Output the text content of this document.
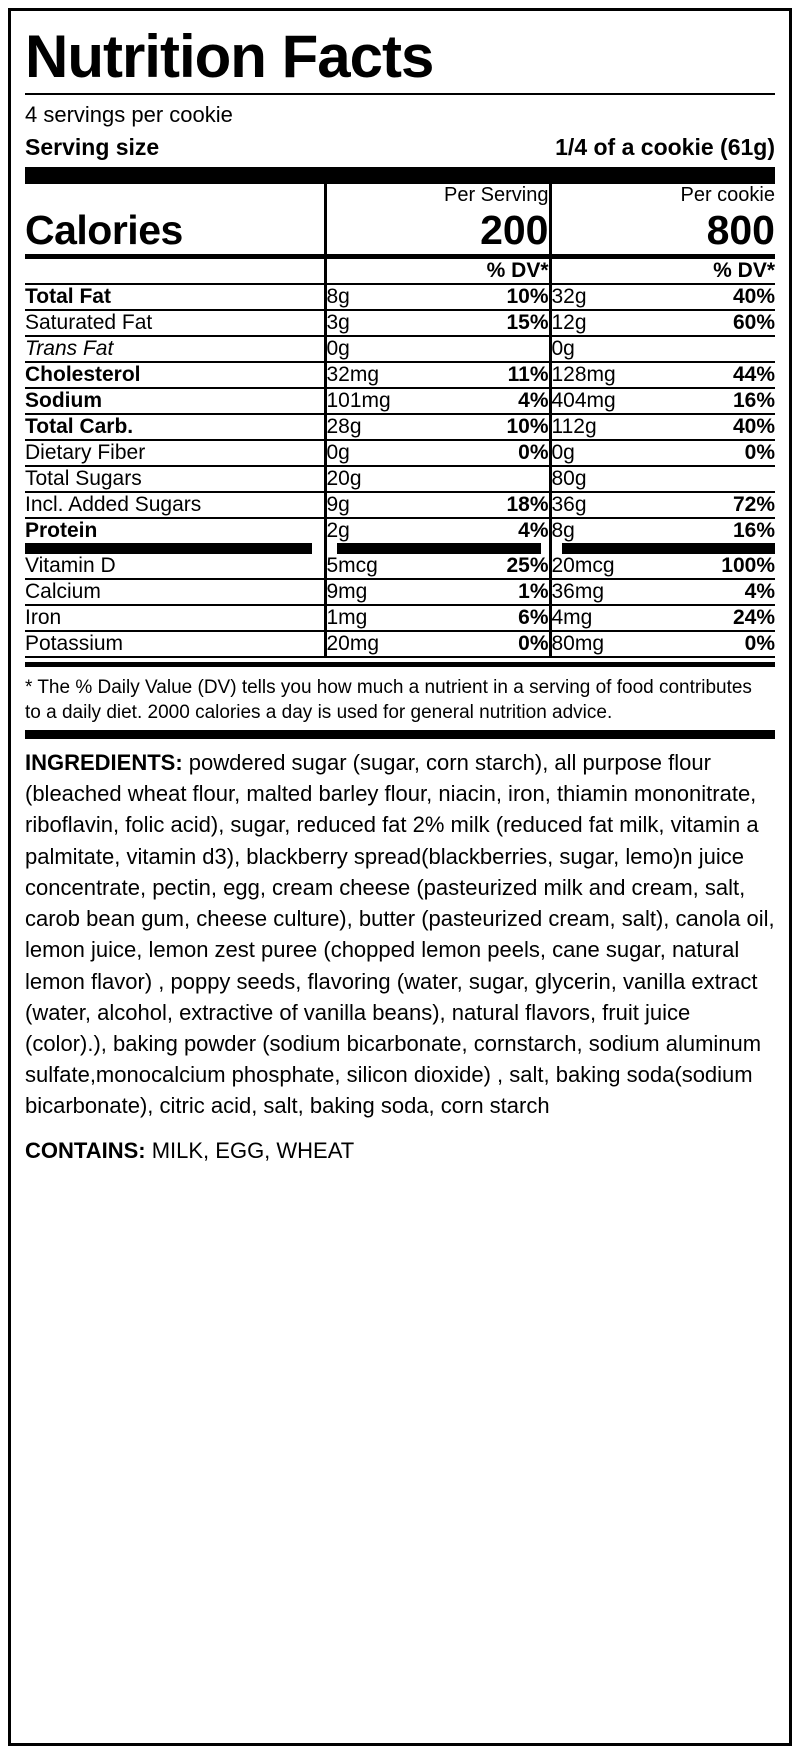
Nutrition Facts
4 servings per cookie
Serving size	1/4 of a cookie (61g)
	Per Serving	Per cookie
Calories	200	800
	% DV*	% DV*
Total Fat	8g 10%	32g 40%

Saturated Fat	3g 15%	12g 60%

Trans Fat	0g	0g

Cholesterol	32mg 11%	128mg 44%

Sodium	101mg 4%	404mg 16%

Total Carb.	28g 10%	112g 40%

Dietary Fiber	0g 0%	0g 0%

Total Sugars	20g	80g

Incl. Added Sugars	9g 18%	36g 72%

Protein	2g 4%	8g 16%

Vitamin D	5mcg 25%	20mcg 100%

Calcium	9mg 1%	36mg 4%

Iron	1mg 6%	4mg 24%

Potassium	20mg 0%	80mg 0%
* The % Daily Value (DV) tells you how much a nutrient in a serving of food contributes to a daily diet. 2000 calories a day is used for general nutrition advice.
INGREDIENTS: powdered sugar (sugar, corn starch), all purpose flour (bleached wheat flour, malted barley flour, niacin, iron, thiamin mononitrate, riboflavin, folic acid), sugar, reduced fat 2% milk (reduced fat milk, vitamin a palmitate, vitamin d3), blackberry spread(blackberries, sugar, lemo)n juice concentrate, pectin, egg, cream cheese (pasteurized milk and cream, salt, carob bean gum, cheese culture), butter (pasteurized cream, salt), canola oil, lemon juice, lemon zest puree (chopped lemon peels, cane sugar, natural lemon flavor) , poppy seeds, flavoring (water, sugar, glycerin, vanilla extract (water, alcohol, extractive of vanilla beans), natural flavors, fruit juice (color).), baking powder (sodium bicarbonate, cornstarch, sodium aluminum sulfate,monocalcium phosphate, silicon dioxide) , salt, baking soda(sodium bicarbonate), citric acid, salt, baking soda, corn starch
CONTAINS: MILK, EGG, WHEAT
